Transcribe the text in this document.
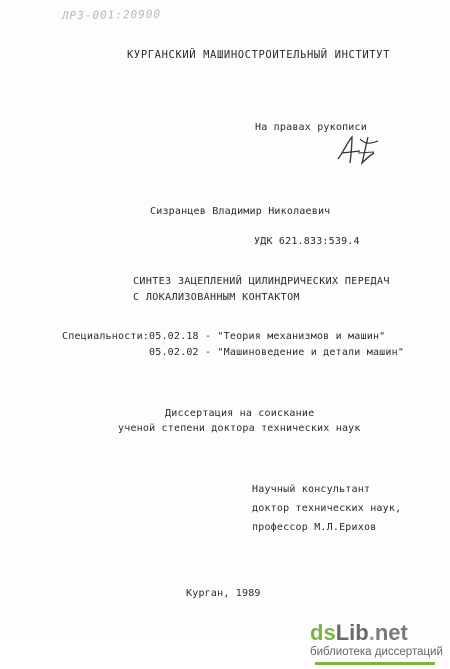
ЛРЗ-001:20900
КУРГАНСКИЙ МАШИНОСТРОИТЕЛЬНЫЙ ИНСТИТУТ
На правах рукописи
Сизранцев Владимир Николаевич
УДК 621.833:539.4
СИНТЕЗ ЗАЦЕПЛЕНИЙ ЦИЛИНДРИЧЕСКИХ ПЕРЕДАЧ
С ЛОКАЛИЗОВАННЫМ КОНТАКТОМ
Специальности: 05.02.18 - "Теория механизмов и машин"
05.02.02 - "Машиноведение и детали машин"
Диссертация на соискание
ученой степени доктора технических наук
Научный консультант
доктор технических наук,
профессор М.Л.Ерихов
Курган, 1989
dsLib.net
библиотека диссертаций
